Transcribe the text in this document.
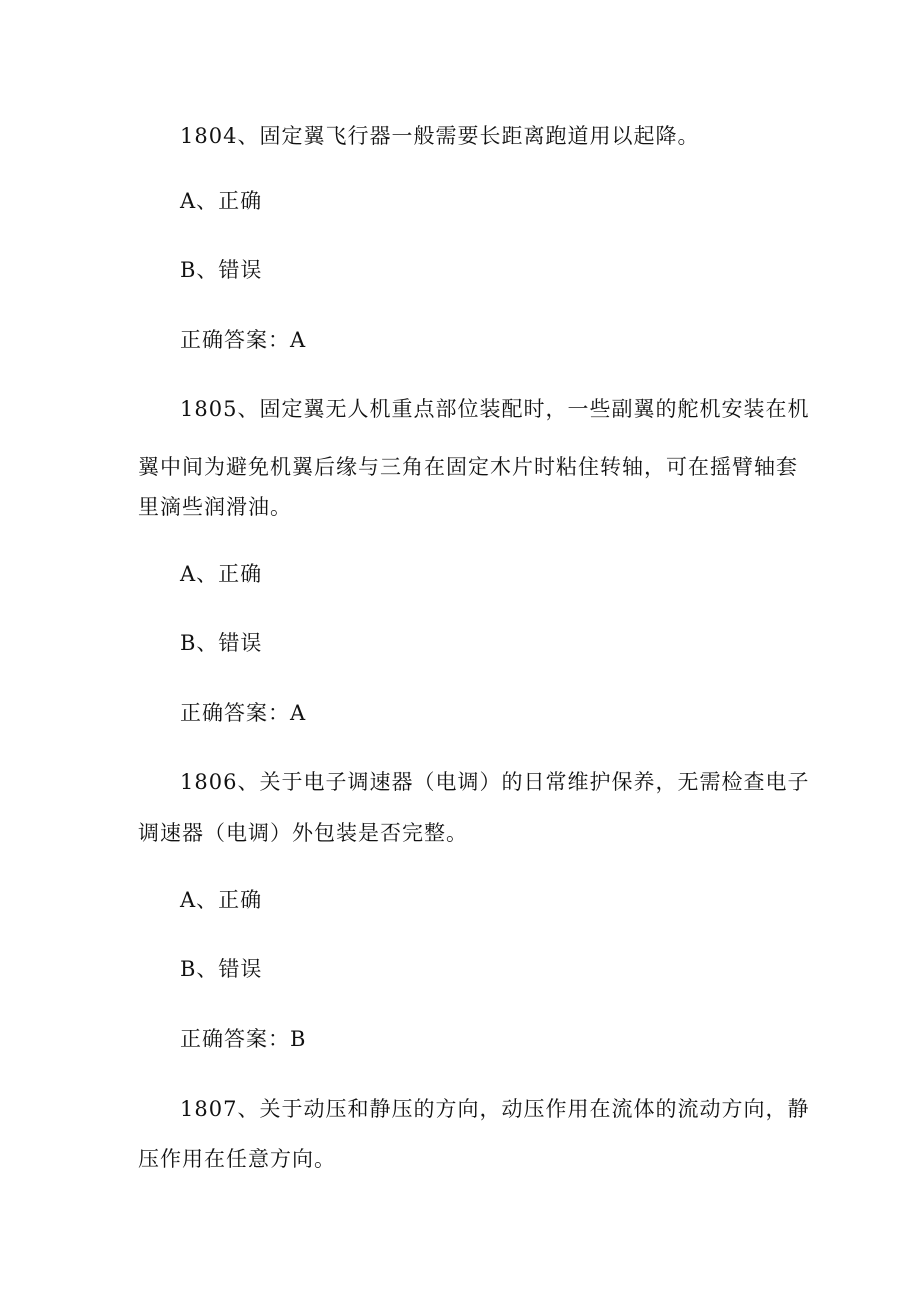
1804、固定翼飞行器一般需要长距离跑道用以起降。
A、正确
B、错误
正确答案：A
1805、固定翼无人机重点部位装配时，一些副翼的舵机安装在机
翼中间为避免机翼后缘与三角在固定木片时粘住转轴，可在摇臂轴套
里滴些润滑油。
A、正确
B、错误
正确答案：A
1806、关于电子调速器（电调）的日常维护保养，无需检查电子
调速器（电调）外包装是否完整。
A、正确
B、错误
正确答案：B
1807、关于动压和静压的方向，动压作用在流体的流动方向，静
压作用在任意方向。
